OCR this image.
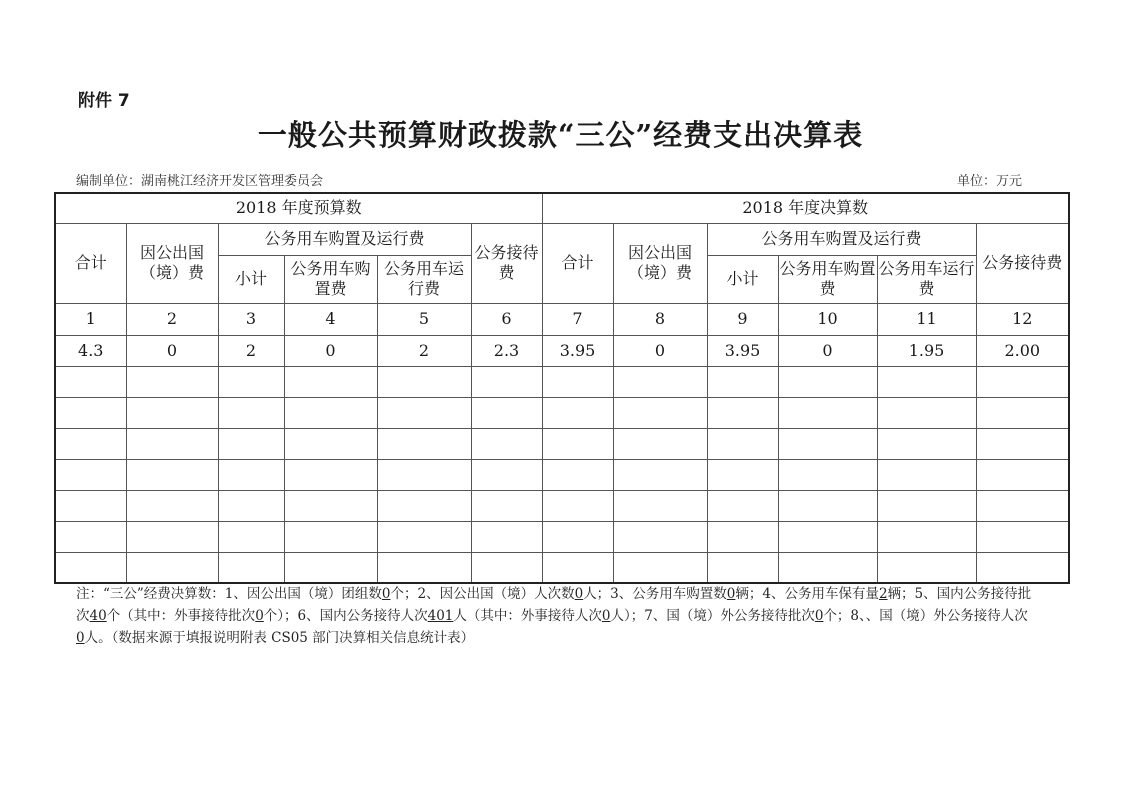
附件 7
一般公共预算财政拨款“三公”经费支出决算表
编制单位：湖南桃江经济开发区管理委员会	单位：万元
2018 年度预算数						2018 年度决算数					
合计	因公出国（境）费	公务用车购置及运行费			公务接待费	合计	因公出国（境）费	公务用车购置及运行费			公务接待费
		小计	公务用车购置费	公务用车运行费				小计	公务用车购置费	公务用车运行费	
1	2	3	4	5	6	7	8	9	10	11	12
4.3	0	2	0	2	2.3	3.95	0	3.95	0	1.95	2.00

注：“三公”经费决算数：1、因公出国（境）团组数0个；2、因公出国（境）人次数0人；3、公务用车购置数0辆；4、公务用车保有量2辆；5、国内公务接待批次40个（其中：外事接待批次0个）；6、国内公务接待人次401人（其中：外事接待人次0人）；7、国（境）外公务接待批次0个；8、、国（境）外公务接待人次0人。（数据来源于填报说明附表 CS05 部门决算相关信息统计表）
